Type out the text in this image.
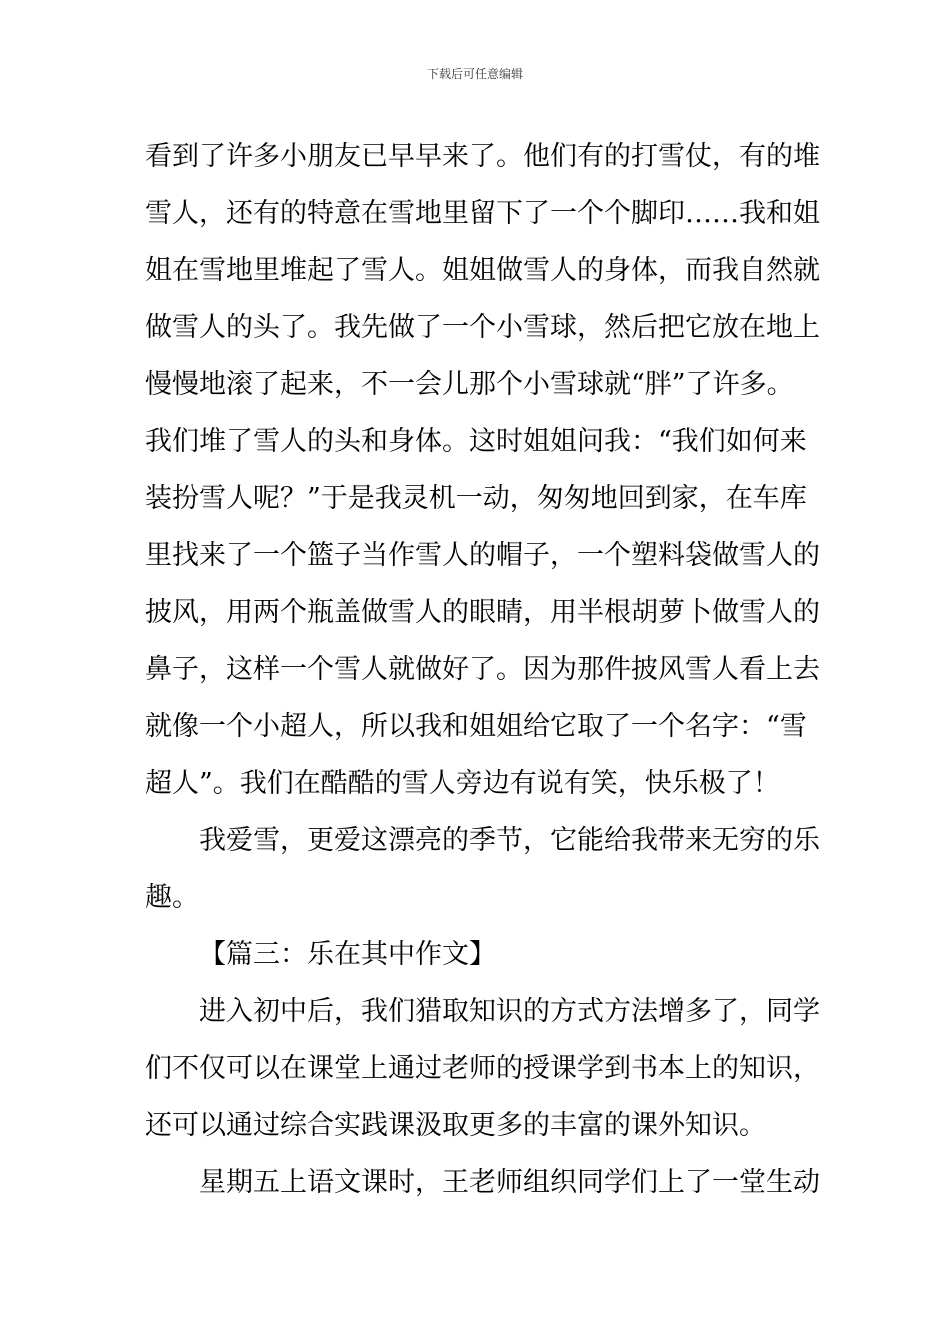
下载后可任意编辑
看到了许多小朋友已早早来了。他们有的打雪仗，有的堆
雪人，还有的特意在雪地里留下了一个个脚印……我和姐
姐在雪地里堆起了雪人。姐姐做雪人的身体，而我自然就
做雪人的头了。我先做了一个小雪球，然后把它放在地上
慢慢地滚了起来，不一会儿那个小雪球就“胖”了许多。
我们堆了雪人的头和身体。这时姐姐问我：“我们如何来
装扮雪人呢？”于是我灵机一动，匆匆地回到家，在车库
里找来了一个篮子当作雪人的帽子，一个塑料袋做雪人的
披风，用两个瓶盖做雪人的眼睛，用半根胡萝卜做雪人的
鼻子，这样一个雪人就做好了。因为那件披风雪人看上去
就像一个小超人，所以我和姐姐给它取了一个名字：“雪
超人”。我们在酷酷的雪人旁边有说有笑，快乐极了！
我爱雪，更爱这漂亮的季节，它能给我带来无穷的乐
趣。
【篇三：乐在其中作文】
进入初中后，我们猎取知识的方式方法增多了，同学
们不仅可以在课堂上通过老师的授课学到书本上的知识，
还可以通过综合实践课汲取更多的丰富的课外知识。
星期五上语文课时，王老师组织同学们上了一堂生动
